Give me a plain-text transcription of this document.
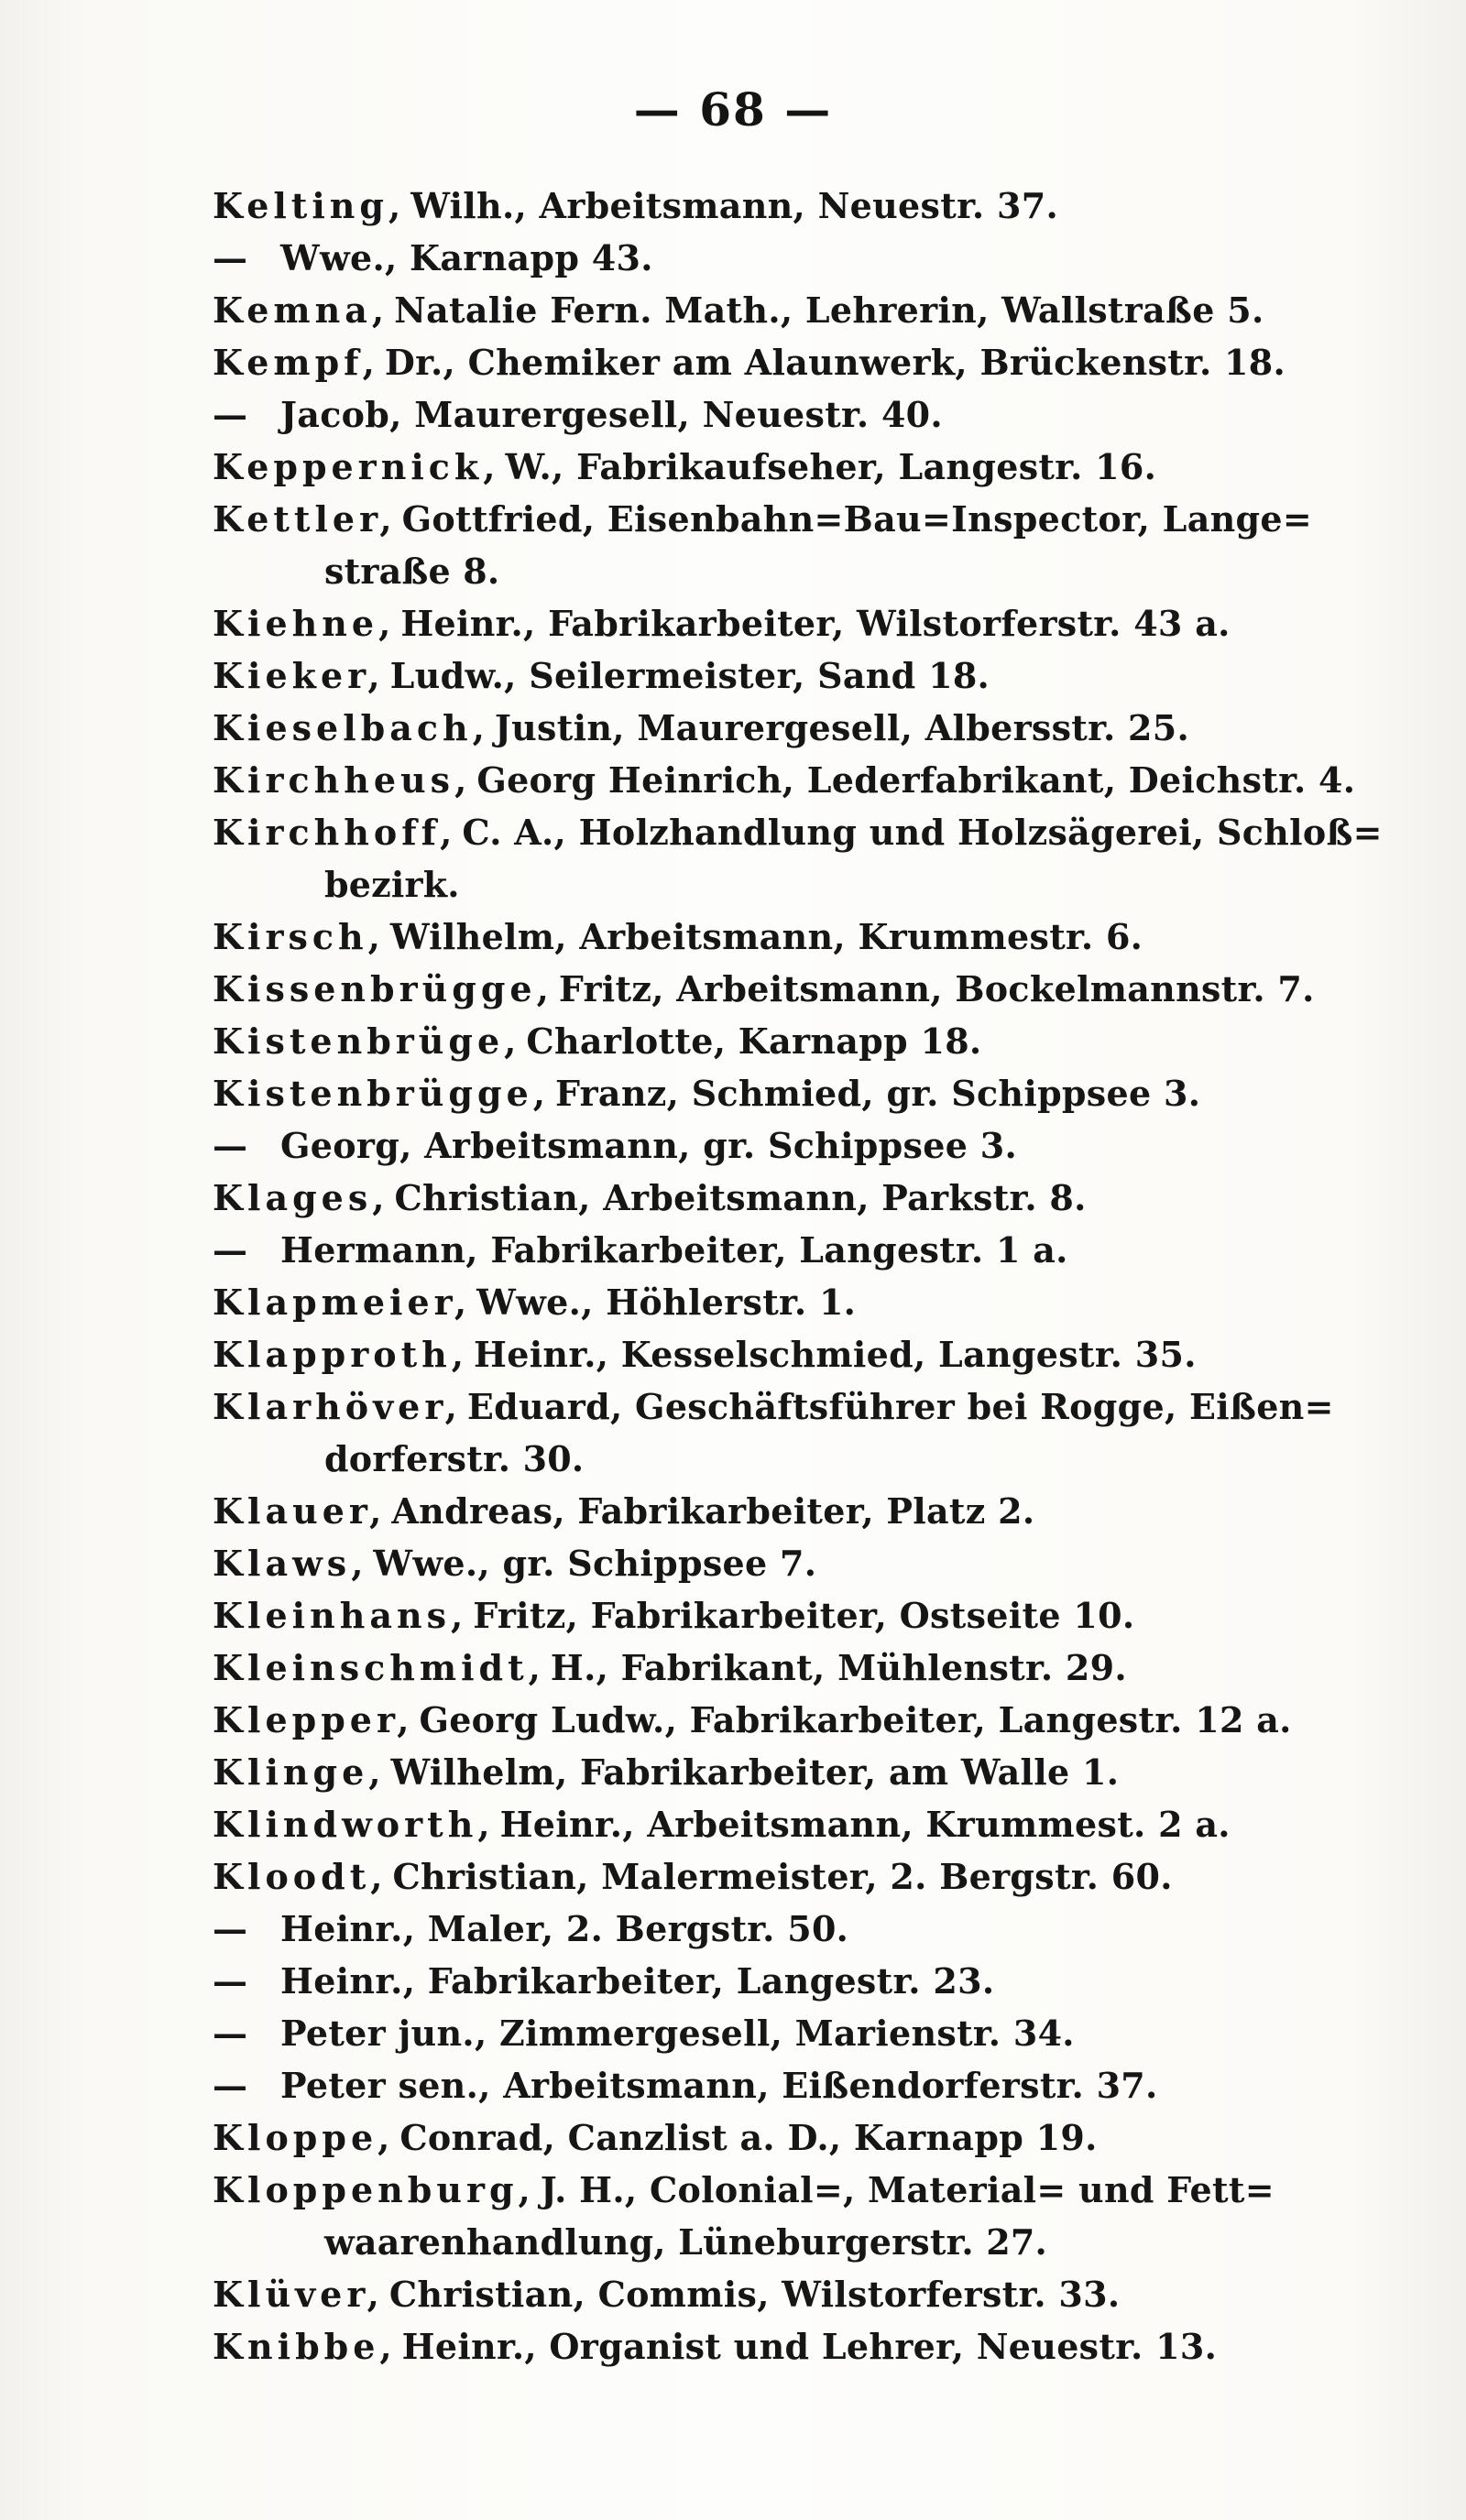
— 68 —
Kelting, Wilh., Arbeitsmann, Neuestr. 37.
— Wwe., Karnapp 43.
Kemna, Natalie Fern. Math., Lehrerin, Wallstraße 5.
Kempf, Dr., Chemiker am Alaunwerk, Brückenstr. 18.
— Jacob, Maurergesell, Neuestr. 40.
Keppernick, W., Fabrikaufseher, Langestr. 16.
Kettler, Gottfried, Eisenbahn=Bau=Inspector, Lange=
straße 8.
Kiehne, Heinr., Fabrikarbeiter, Wilstorferstr. 43 a.
Kieker, Ludw., Seilermeister, Sand 18.
Kieselbach, Justin, Maurergesell, Albersstr. 25.
Kirchheus, Georg Heinrich, Lederfabrikant, Deichstr. 4.
Kirchhoff, C. A., Holzhandlung und Holzsägerei, Schloß=
bezirk.
Kirsch, Wilhelm, Arbeitsmann, Krummestr. 6.
Kissenbrügge, Fritz, Arbeitsmann, Bockelmannstr. 7.
Kistenbrüge, Charlotte, Karnapp 18.
Kistenbrügge, Franz, Schmied, gr. Schippsee 3.
— Georg, Arbeitsmann, gr. Schippsee 3.
Klages, Christian, Arbeitsmann, Parkstr. 8.
— Hermann, Fabrikarbeiter, Langestr. 1 a.
Klapmeier, Wwe., Höhlerstr. 1.
Klapproth, Heinr., Kesselschmied, Langestr. 35.
Klarhöver, Eduard, Geschäftsführer bei Rogge, Eißen=
dorferstr. 30.
Klauer, Andreas, Fabrikarbeiter, Platz 2.
Klaws, Wwe., gr. Schippsee 7.
Kleinhans, Fritz, Fabrikarbeiter, Ostseite 10.
Kleinschmidt, H., Fabrikant, Mühlenstr. 29.
Klepper, Georg Ludw., Fabrikarbeiter, Langestr. 12 a.
Klinge, Wilhelm, Fabrikarbeiter, am Walle 1.
Klindworth, Heinr., Arbeitsmann, Krummest. 2 a.
Kloodt, Christian, Malermeister, 2. Bergstr. 60.
— Heinr., Maler, 2. Bergstr. 50.
— Heinr., Fabrikarbeiter, Langestr. 23.
— Peter jun., Zimmergesell, Marienstr. 34.
— Peter sen., Arbeitsmann, Eißendorferstr. 37.
Kloppe, Conrad, Canzlist a. D., Karnapp 19.
Kloppenburg, J. H., Colonial=, Material= und Fett=
waarenhandlung, Lüneburgerstr. 27.
Klüver, Christian, Commis, Wilstorferstr. 33.
Knibbe, Heinr., Organist und Lehrer, Neuestr. 13.
